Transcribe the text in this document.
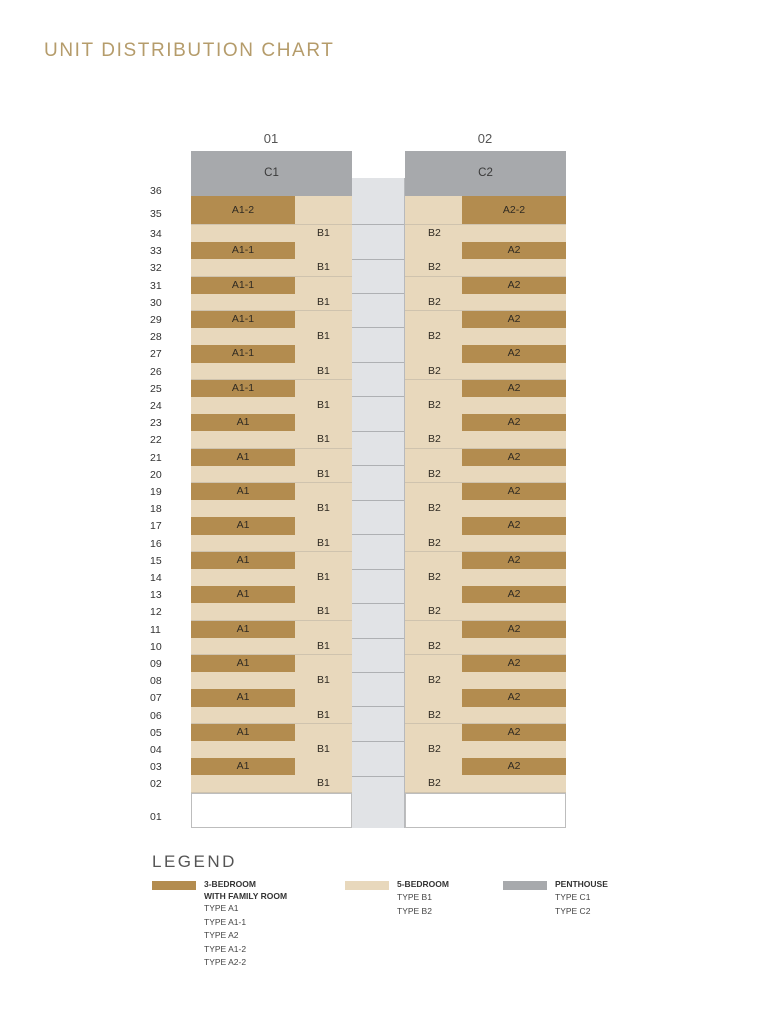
UNIT DISTRIBUTION CHART
LEGEND
01
C1
A1-2
B1
A1-1
B1
A1-1
B1
A1-1
B1
A1-1
B1
A1-1
B1
A1
B1
A1
B1
A1
B1
A1
B1
A1
B1
A1
B1
A1
B1
A1
B1
A1
B1
A1
B1
A1
B1
02
C2
A2-2
B2
A2
B2
A2
B2
A2
B2
A2
B2
A2
B2
A2
B2
A2
B2
A2
B2
A2
B2
A2
B2
A2
B2
A2
B2
A2
B2
A2
B2
A2
B2
A2
B2
36
35
34
33
32
31
30
29
28
27
26
25
24
23
22
21
20
19
18
17
16
15
14
13
12
11
10
09
08
07
06
05
04
03
02
01
3-BEDROOM
WITH FAMILY ROOM
TYPE A1
TYPE A1-1
TYPE A2
TYPE A1-2
TYPE A2-2
5-BEDROOM
TYPE B1
TYPE B2
PENTHOUSE
TYPE C1
TYPE C2
